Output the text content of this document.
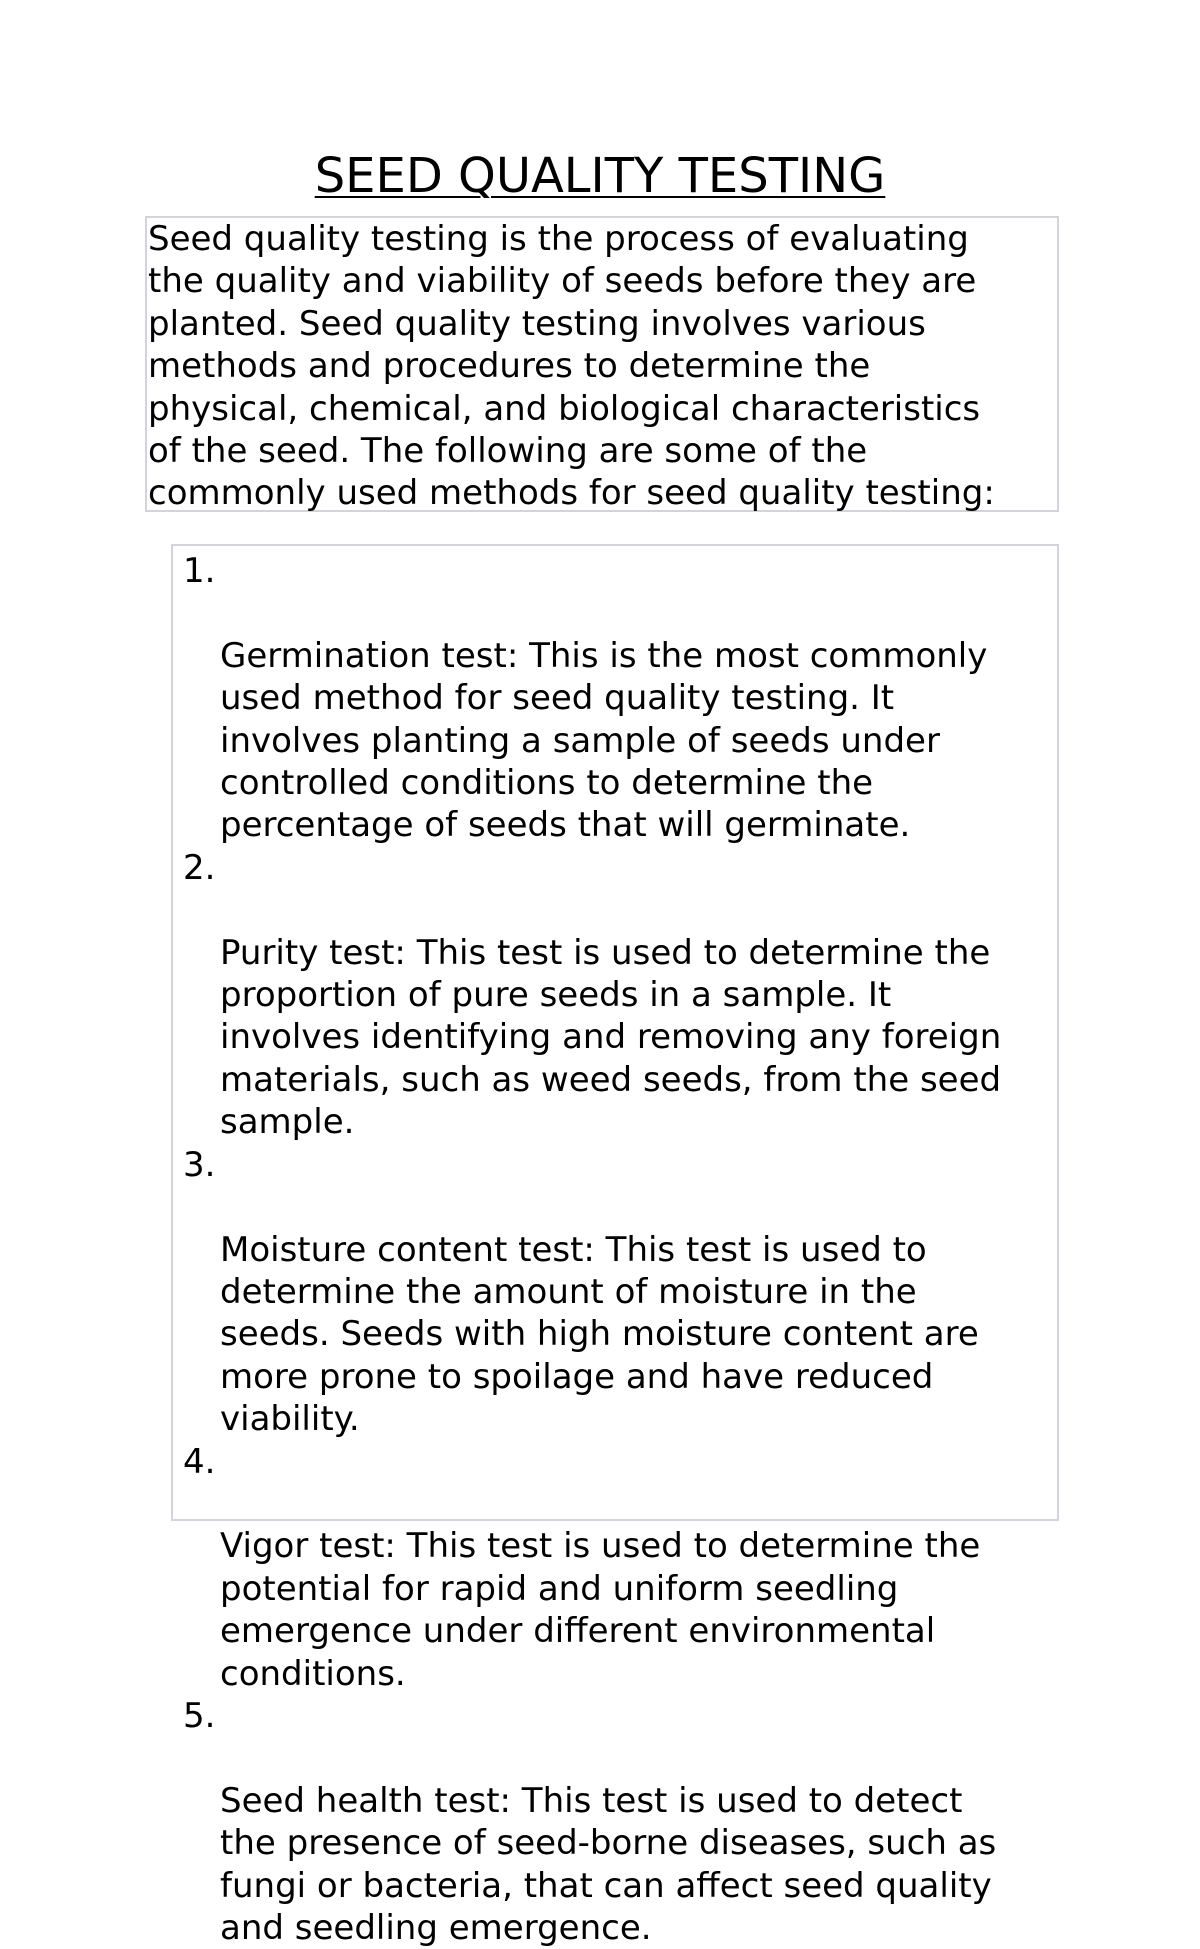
SEED QUALITY TESTING

Seed quality testing is the process of evaluating
the quality and viability of seeds before they are
planted. Seed quality testing involves various
methods and procedures to determine the
physical, chemical, and biological characteristics
of the seed. The following are some of the
commonly used methods for seed quality testing:

1.

Germination test: This is the most commonly
used method for seed quality testing. It
involves planting a sample of seeds under
controlled conditions to determine the
percentage of seeds that will germinate.

2.

Purity test: This test is used to determine the
proportion of pure seeds in a sample. It
involves identifying and removing any foreign
materials, such as weed seeds, from the seed
sample.

3.

Moisture content test: This test is used to
determine the amount of moisture in the
seeds. Seeds with high moisture content are
more prone to spoilage and have reduced
viability.

4.

Vigor test: This test is used to determine the
potential for rapid and uniform seedling
emergence under different environmental
conditions.

5.

Seed health test: This test is used to detect
the presence of seed-borne diseases, such as
fungi or bacteria, that can affect seed quality
and seedling emergence.
